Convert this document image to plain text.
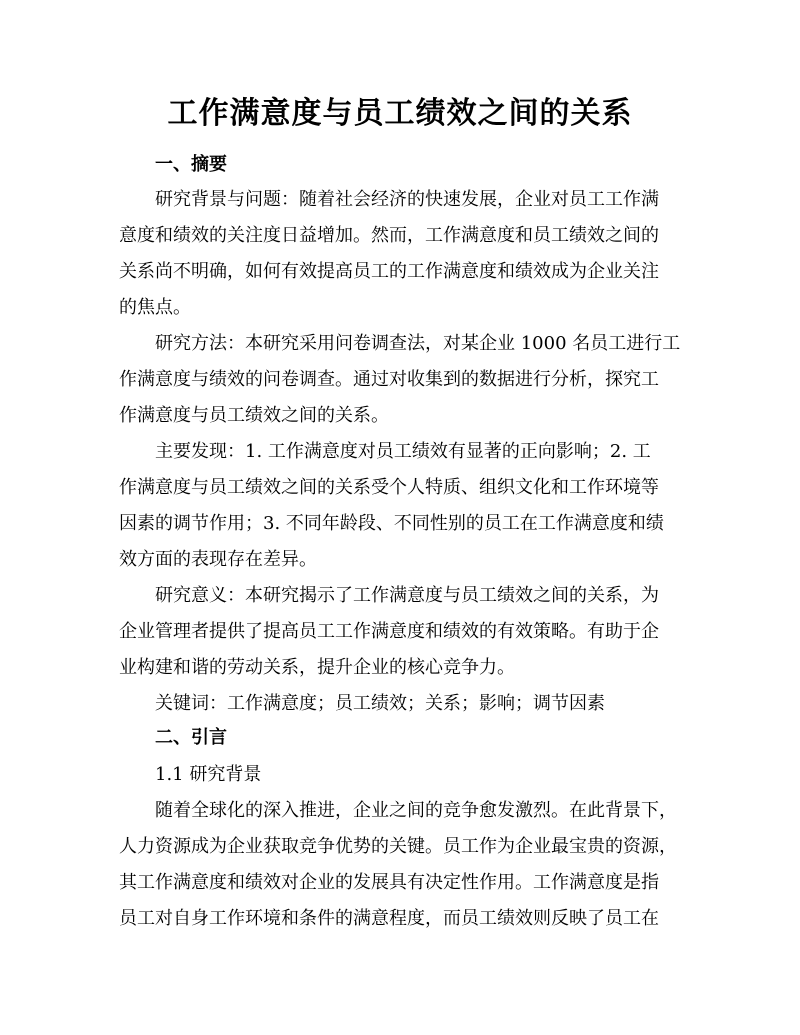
工作满意度与员工绩效之间的关系
一、摘要
研究背景与问题：随着社会经济的快速发展，企业对员工工作满
意度和绩效的关注度日益增加。然而，工作满意度和员工绩效之间的
关系尚不明确，如何有效提高员工的工作满意度和绩效成为企业关注
的焦点。
研究方法：本研究采用问卷调查法，对某企业 1000 名员工进行工
作满意度与绩效的问卷调查。通过对收集到的数据进行分析，探究工
作满意度与员工绩效之间的关系。
主要发现：1. 工作满意度对员工绩效有显著的正向影响；2. 工
作满意度与员工绩效之间的关系受个人特质、组织文化和工作环境等
因素的调节作用；3. 不同年龄段、不同性别的员工在工作满意度和绩
效方面的表现存在差异。
研究意义：本研究揭示了工作满意度与员工绩效之间的关系，为
企业管理者提供了提高员工工作满意度和绩效的有效策略。有助于企
业构建和谐的劳动关系，提升企业的核心竞争力。
关键词：工作满意度；员工绩效；关系；影响；调节因素
二、引言
1.1 研究背景
随着全球化的深入推进，企业之间的竞争愈发激烈。在此背景下，
人力资源成为企业获取竞争优势的关键。员工作为企业最宝贵的资源，
其工作满意度和绩效对企业的发展具有决定性作用。工作满意度是指
员工对自身工作环境和条件的满意程度，而员工绩效则反映了员工在
